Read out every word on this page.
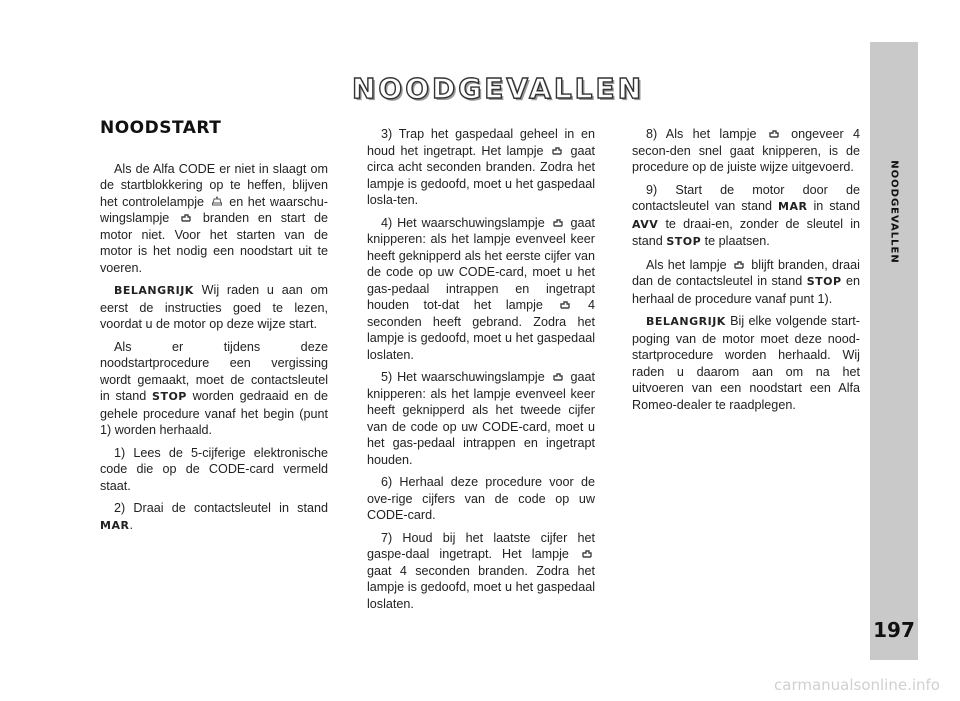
NOODGEVALLEN
197
NOODGEVALLEN
NOODSTART

Als de Alfa CODE er niet in slaagt om de startblokkering op te heffen, blijven het controlelampje en het waarschu-wingslampje	branden en start de motor niet. Voor het starten van de motor is het nodig een noodstart uit te voeren.

BELANGRIJK Wij raden u aan om eerst de instructies goed te lezen, voordat u de motor op deze wijze start.

Als er tijdens deze noodstartprocedure een vergissing wordt gemaakt, moet de contactsleutel in stand STOP worden gedraaid en de gehele procedure vanaf het begin (punt 1) worden herhaald.

1) Lees de 5-cijferige elektronische code die op de CODE-card vermeld staat.

2) Draai de contactsleutel in stand MAR.

3) Trap het gaspedaal geheel in en houd het ingetrapt. Het lampje gaat circa acht seconden branden. Zodra het lampje is gedoofd, moet u het gaspedaal losla-ten.

4) Het waarschuwingslampje gaat knipperen: als het lampje evenveel keer heeft geknipperd als het eerste cijfer van de code op uw CODE-card, moet u het gas-pedaal intrappen en ingetrapt houden tot-dat het lampje	4 seconden heeft gebrand. Zodra het lampje is gedoofd, moet u het gaspedaal loslaten.

5) Het waarschuwingslampje gaat knipperen: als het lampje evenveel keer heeft geknipperd als het tweede cijfer van de code op uw CODE-card, moet u het gas-pedaal intrappen en ingetrapt houden.

6) Herhaal deze procedure voor de ove-rige cijfers van de code op uw CODE-card.

7) Houd bij het laatste cijfer het gaspe-daal ingetrapt. Het lampje
gaat 4 seconden branden. Zodra het lampje is gedoofd, moet u het gaspedaal loslaten.

8) Als het lampje	ongeveer 4 secon-den snel gaat knipperen, is de procedure op de juiste wijze uitgevoerd.

9) Start de motor door de contactsleutel van stand MAR in stand AVV te draai-en, zonder de sleutel in stand STOP te plaatsen.

Als het lampje blijft branden, draai dan de contactsleutel in stand STOP en herhaal de procedure vanaf punt 1).

BELANGRIJK Bij elke volgende start-poging van de motor moet deze nood-startprocedure worden herhaald. Wij raden u daarom aan om na het uitvoeren van een noodstart een Alfa Romeo-dealer te raadplegen.

carmanualsonline.info
